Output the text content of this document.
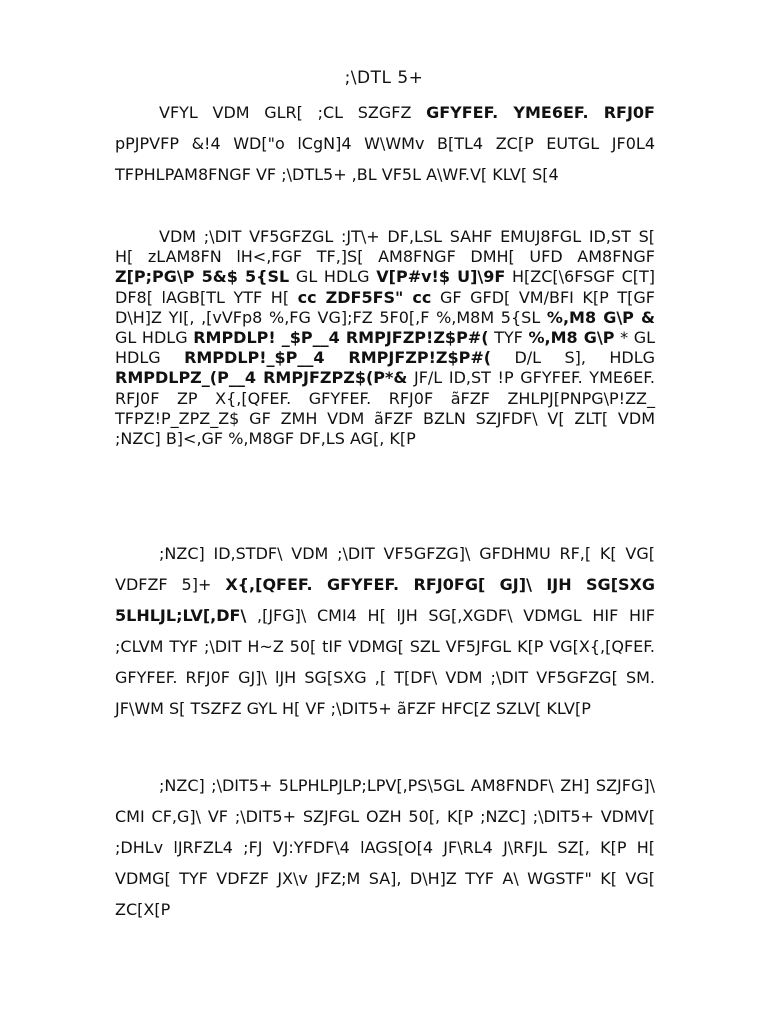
;\DTL 5+
VFYL VDM GLR[ ;CL SZGFZ GFYFEF. YME6EF. RFJ0F pPJPVFP &!4 WD["o lCgN]4 W\WMv B[TL4 ZC[P EUTGL JF0L4 TFPHLPAM8FNGF VF ;\DTL5+ ,BL VF5L A\WF.V[ KLV[ S[4
VDM ;\DIT VF5GFZGL :JT\+ DF,LSL SAHF EMUJ8FGL ID,ST S[ H[ zLAM8FN lH<,FGF TF,]S[ AM8FNGF DMH[ UFD AM8FNGF Z[P;PG\P 5&$ 5{SL GL HDLG V[P#v!$ U]\9F H[ZC[\6FSGF C[T] DF8[ lAGB[TL YTF H[ cc ZDF5FS" cc GF GFD[ VM/BFI K[P T[GF D\H]Z YI[, ,[vVFp8 %,FG VG];FZ 5F0[,F %,M8M 5{SL %,M8 G\P & GL HDLG RMPDLP! _$P__4 RMPJFZP!Z$P#( TYF %,M8 G\P * GL HDLG RMPDLP!_$P__4 RMPJFZP!Z$P#( D/L S], HDLG RMPDLPZ_(P__4 RMPJFZPZ$(P*& JF/L ID,ST !P GFYFEF. YME6EF. RFJ0F ZP X{,[QFEF. GFYFEF. RFJ0F ãFZF ZHLPJ[PNPG\P!ZZ_ TFPZ!P_ZPZ_Z$ GF ZMH VDM ãFZF BZLN SZJFDF\ V[ ZLT[ VDM ;NZC] B]<,GF %,M8GF DF,LS AG[, K[P
;NZC] ID,STDF\ VDM ;\DIT VF5GFZG]\ GFDHMU RF,[ K[ VG[ VDFZF 5]+ X{,[QFEF. GFYFEF. RFJ0FG[ GJ]\ IJH SG[SXG 5LHLJL;LV[,DF\ ,[JFG]\ CMI4 H[ lJH SG[,XGDF\ VDMGL HIF HIF ;CLVM TYF ;\DIT H~Z 50[ tIF VDMG[ SZL VF5JFGL K[P VG[X{,[QFEF. GFYFEF. RFJ0F GJ]\ lJH SG[SXG ,[ T[DF\ VDM ;\DIT VF5GFZG[ SM. JF\WM S[ TSZFZ GYL H[ VF ;\DIT5+ ãFZF HFC[Z SZLV[ KLV[P
;NZC] ;\DIT5+ 5LPHLPJLP;LPV[,PS\5GL AM8FNDF\ ZH] SZJFG]\ CMI CF,G]\ VF ;\DIT5+ SZJFGL OZH 50[, K[P ;NZC] ;\DIT5+ VDMV[ ;DHLv lJRFZL4 ;FJ VJ:YFDF\4 lAGS[O[4 JF\RL4 J\RFJL SZ[, K[P H[ VDMG[ TYF VDFZF JX\v JFZ;M SA], D\H]Z TYF A\ WGSTF" K[ VG[ ZC[X[P
